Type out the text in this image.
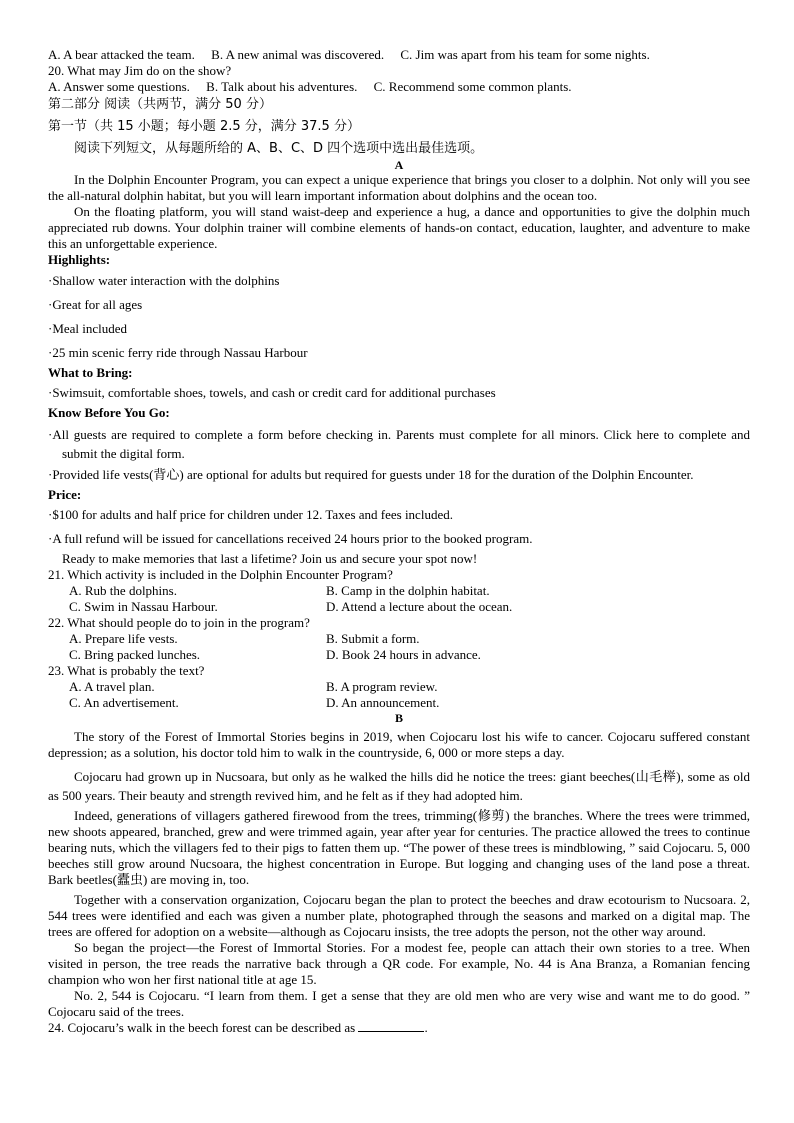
A. A bear attacked the team. B. A new animal was discovered. C. Jim was apart from his team for some nights.
20. What may Jim do on the show?
A. Answer some questions. B. Talk about his adventures. C. Recommend some common plants.
第二部分 阅读（共两节，满分 50 分）
第一节（共 15 小题；每小题 2.5 分，满分 37.5 分）
阅读下列短文，从每题所给的 A、B、C、D 四个选项中选出最佳选项。
A
In the Dolphin Encounter Program, you can expect a unique experience that brings you closer to a dolphin. Not only will you see the all-natural dolphin habitat, but you will learn important information about dolphins and the ocean too.
On the floating platform, you will stand waist-deep and experience a hug, a dance and opportunities to give the dolphin much appreciated rub downs. Your dolphin trainer will combine elements of hands-on contact, education, laughter, and adventure to make this an unforgettable experience.
Highlights:
·Shallow water interaction with the dolphins
·Great for all ages
·Meal included
·25 min scenic ferry ride through Nassau Harbour
What to Bring:
·Swimsuit, comfortable shoes, towels, and cash or credit card for additional purchases
Know Before You Go:
·All guests are required to complete a form before checking in. Parents must complete for all minors. Click here to complete and submit the digital form.
·Provided life vests(背心) are optional for adults but required for guests under 18 for the duration of the Dolphin Encounter.
Price:
·$100 for adults and half price for children under 12. Taxes and fees included.
·A full refund will be issued for cancellations received 24 hours prior to the booked program.
Ready to make memories that last a lifetime? Join us and secure your spot now!
21. Which activity is included in the Dolphin Encounter Program?
A. Rub the dolphins.	B. Camp in the dolphin habitat.
C. Swim in Nassau Harbour.	D. Attend a lecture about the ocean.
22. What should people do to join in the program?
A. Prepare life vests.	B. Submit a form.
C. Bring packed lunches.	D. Book 24 hours in advance.
23. What is probably the text?
A. A travel plan.	B. A program review.
C. An advertisement.	D. An announcement.
B
The story of the Forest of Immortal Stories begins in 2019, when Cojocaru lost his wife to cancer. Cojocaru suffered constant depression; as a solution, his doctor told him to walk in the countryside, 6, 000 or more steps a day.
Cojocaru had grown up in Nucsoara, but only as he walked the hills did he notice the trees: giant beeches(山毛榉), some as old as 500 years. Their beauty and strength revived him, and he felt as if they had adopted him.
Indeed, generations of villagers gathered firewood from the trees, trimming(修剪) the branches. Where the trees were trimmed, new shoots appeared, branched, grew and were trimmed again, year after year for centuries. The practice allowed the trees to continue bearing nuts, which the villagers fed to their pigs to fatten them up. “The power of these trees is mindblowing, ” said Cojocaru. 5, 000 beeches still grow around Nucsoara, the highest concentration in Europe. But logging and changing uses of the land pose a threat. Bark beetles(蠹虫) are moving in, too.
Together with a conservation organization, Cojocaru began the plan to protect the beeches and draw ecotourism to Nucsoara. 2, 544 trees were identified and each was given a number plate, photographed through the seasons and marked on a digital map. The trees are offered for adoption on a website—although as Cojocaru insists, the tree adopts the person, not the other way around.
So began the project—the Forest of Immortal Stories. For a modest fee, people can attach their own stories to a tree. When visited in person, the tree reads the narrative back through a QR code. For example, No. 44 is Ana Branza, a Romanian fencing champion who won her first national title at age 15.
No. 2, 544 is Cojocaru. “I learn from them. I get a sense that they are old men who are very wise and want me to do good. ” Cojocaru said of the trees.
24. Cojocaru’s walk in the beech forest can be described as	.
